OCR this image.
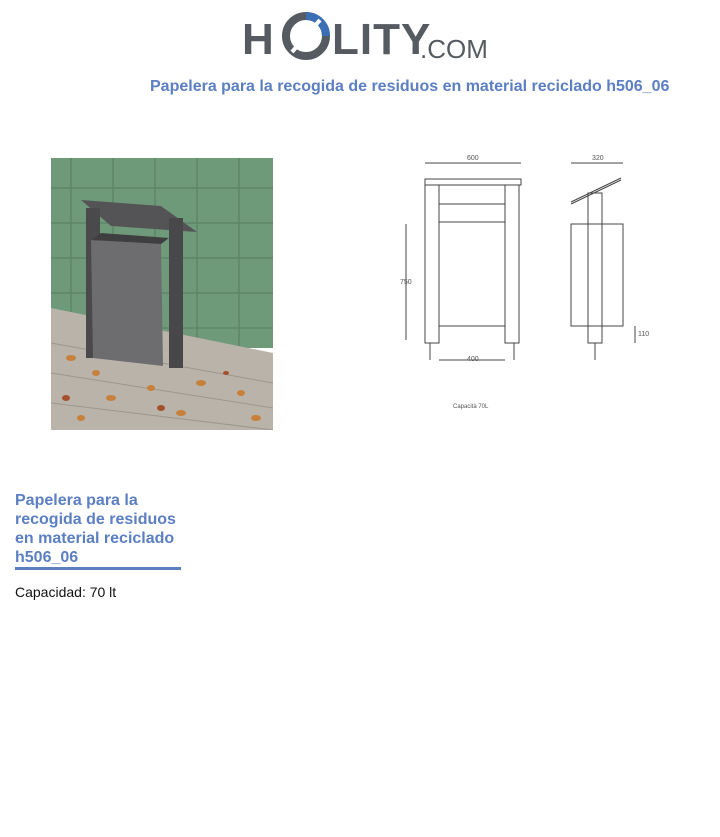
H LITY
.COM
Papelera para la recogida de residuos en material reciclado h506_06
600	320
750
400
110
Capacità 70L
Papelera para la recogida de residuos en material reciclado h506_06
Capacidad: 70 lt
